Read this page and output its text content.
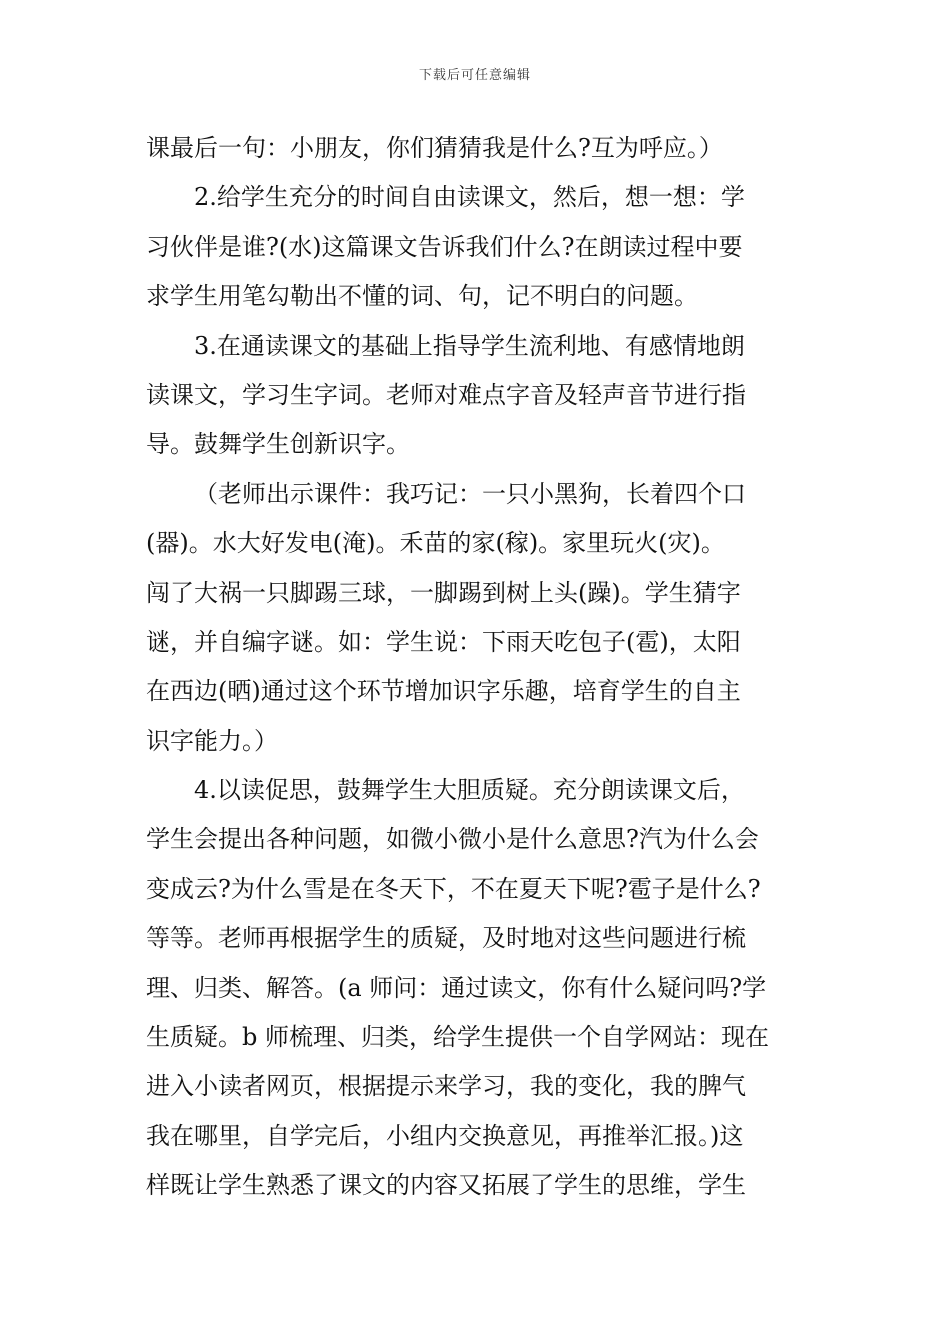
下载后可任意编辑
课最后一句：小朋友，你们猜猜我是什么?互为呼应。）
2.给学生充分的时间自由读课文，然后，想一想：学
习伙伴是谁?(水)这篇课文告诉我们什么?在朗读过程中要
求学生用笔勾勒出不懂的词、句，记不明白的问题。
3.在通读课文的基础上指导学生流利地、有感情地朗
读课文，学习生字词。老师对难点字音及轻声音节进行指
导。鼓舞学生创新识字。
（老师出示课件：我巧记：一只小黑狗，长着四个口
(器)。水大好发电(淹)。禾苗的家(稼)。家里玩火(灾)。
闯了大祸一只脚踢三球，一脚踢到树上头(躁)。学生猜字
谜，并自编字谜。如：学生说：下雨天吃包子(雹)，太阳
在西边(晒)通过这个环节增加识字乐趣，培育学生的自主
识字能力。）
4.以读促思，鼓舞学生大胆质疑。充分朗读课文后，
学生会提出各种问题，如微小微小是什么意思?汽为什么会
变成云?为什么雪是在冬天下，不在夏天下呢?雹子是什么?
等等。老师再根据学生的质疑，及时地对这些问题进行梳
理、归类、解答。(a 师问：通过读文，你有什么疑问吗?学
生质疑。b 师梳理、归类，给学生提供一个自学网站：现在
进入小读者网页，根据提示来学习，我的变化，我的脾气
我在哪里，自学完后，小组内交换意见，再推举汇报。)这
样既让学生熟悉了课文的内容又拓展了学生的思维，学生
